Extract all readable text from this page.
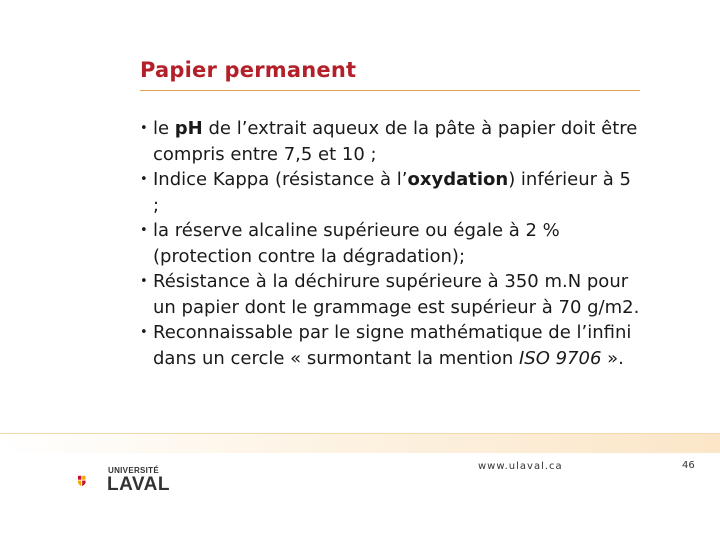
Papier permanent
• le pH de l’extrait aqueux de la pâte à papier doit être compris entre 7,5 et 10 ;
• Indice Kappa (résistance à l’oxydation) inférieur à 5 ;
• la réserve alcaline supérieure ou égale à 2 % (protection contre la dégradation);
• Résistance à la déchirure supérieure à 350 m.N pour un papier dont le grammage est supérieur à 70 g/m2.
• Reconnaissable par le signe mathématique de l’infini dans un cercle « surmontant la mention ISO 9706 ».
UNIVERSITÉ
LAVAL
www.ulaval.ca	46
